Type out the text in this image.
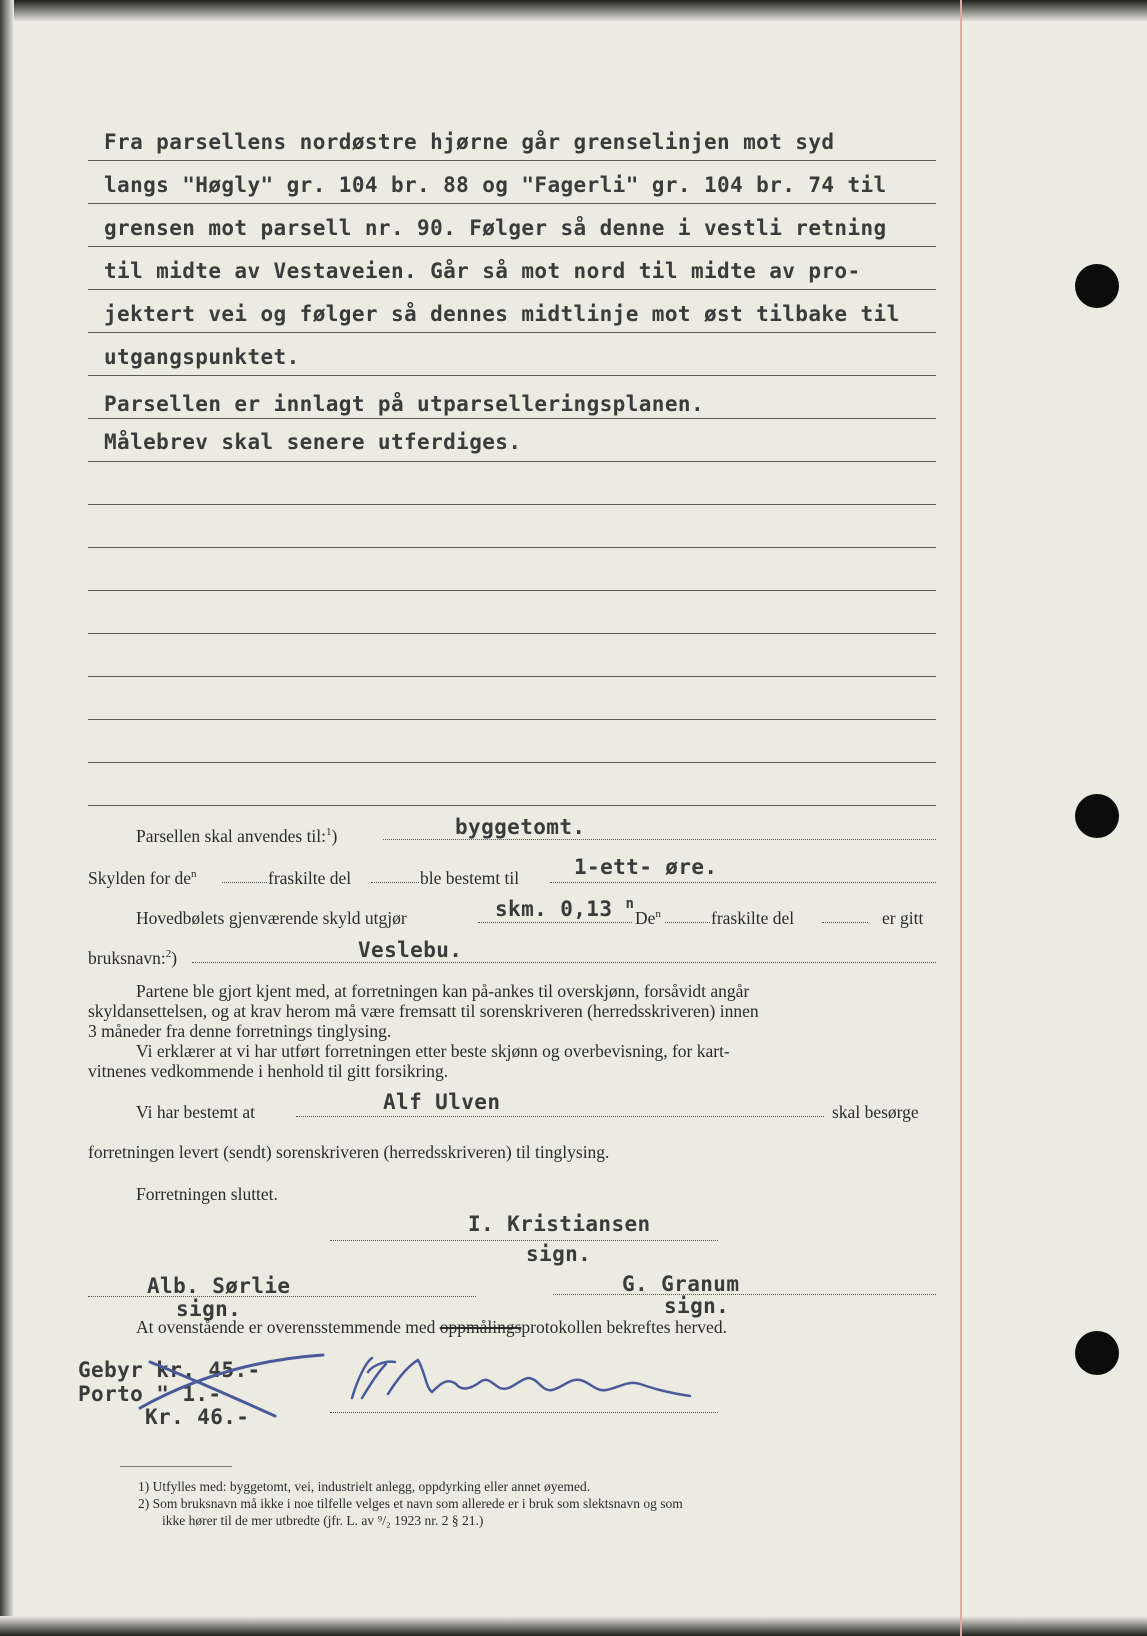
Fra parsellens nordøstre hjørne går grenselinjen mot syd
langs "Høgly" gr. 104 br. 88 og "Fagerli" gr. 104 br. 74 til
grensen mot parsell nr. 90. Følger så denne i vestli retning
til midte av Vestaveien. Går så mot nord til midte av pro-
jektert vei og følger så dennes midtlinje mot øst tilbake til
utgangspunktet.
Parsellen er innlagt på utparselleringsplanen.
Målebrev skal senere utferdiges.
Parsellen skal anvendes til:$^1$)	byggetomt.
Skylden for $de^n$	fraskilte del	ble bestemt til	1-ett- øre.
Hovedbølets gjenværende skyld utgjør	skm. 0,13 $^n$
De$^n$	fraskilte del	er gitt
bruksnavn:$^2$)	Veslebu.
Partene ble gjort kjent med, at forretningen kan på-ankes til overskjønn, forsåvidt angår
skyldansettelsen, og at krav herom må være fremsatt til sorenskriveren (herredsskriveren) innen
3 måneder fra denne forretnings tinglysing.
Vi erklærer at vi har utført forretningen etter beste skjønn og overbevisning, for kart-
vitnenes vedkommende i henhold til gitt forsikring.
Vi har bestemt at	Alf Ulven	skal besørge
forretningen levert (sendt) sorenskriveren (herredsskriveren) til tinglysing.
Forretningen sluttet.
I. Kristiansen
sign.
Alb. Sørlie
sign.
G. Granum
sign.
At ovenstående er overensstemmende med oppmålingsprotokollen bekreftes herved.
Gebyr kr. 45.-
Porto " 1.-
Kr. 46.-
1) Utfylles med: byggetomt, vei, industrielt anlegg, oppdyrking eller annet øyemed.
2) Som bruksnavn må ikke i noe tilfelle velges et navn som allerede er i bruk som slektsnavn og som
ikke hører til de mer utbredte (jfr. L. av ⁹/₂ 1923 nr. 2 § 21.)
